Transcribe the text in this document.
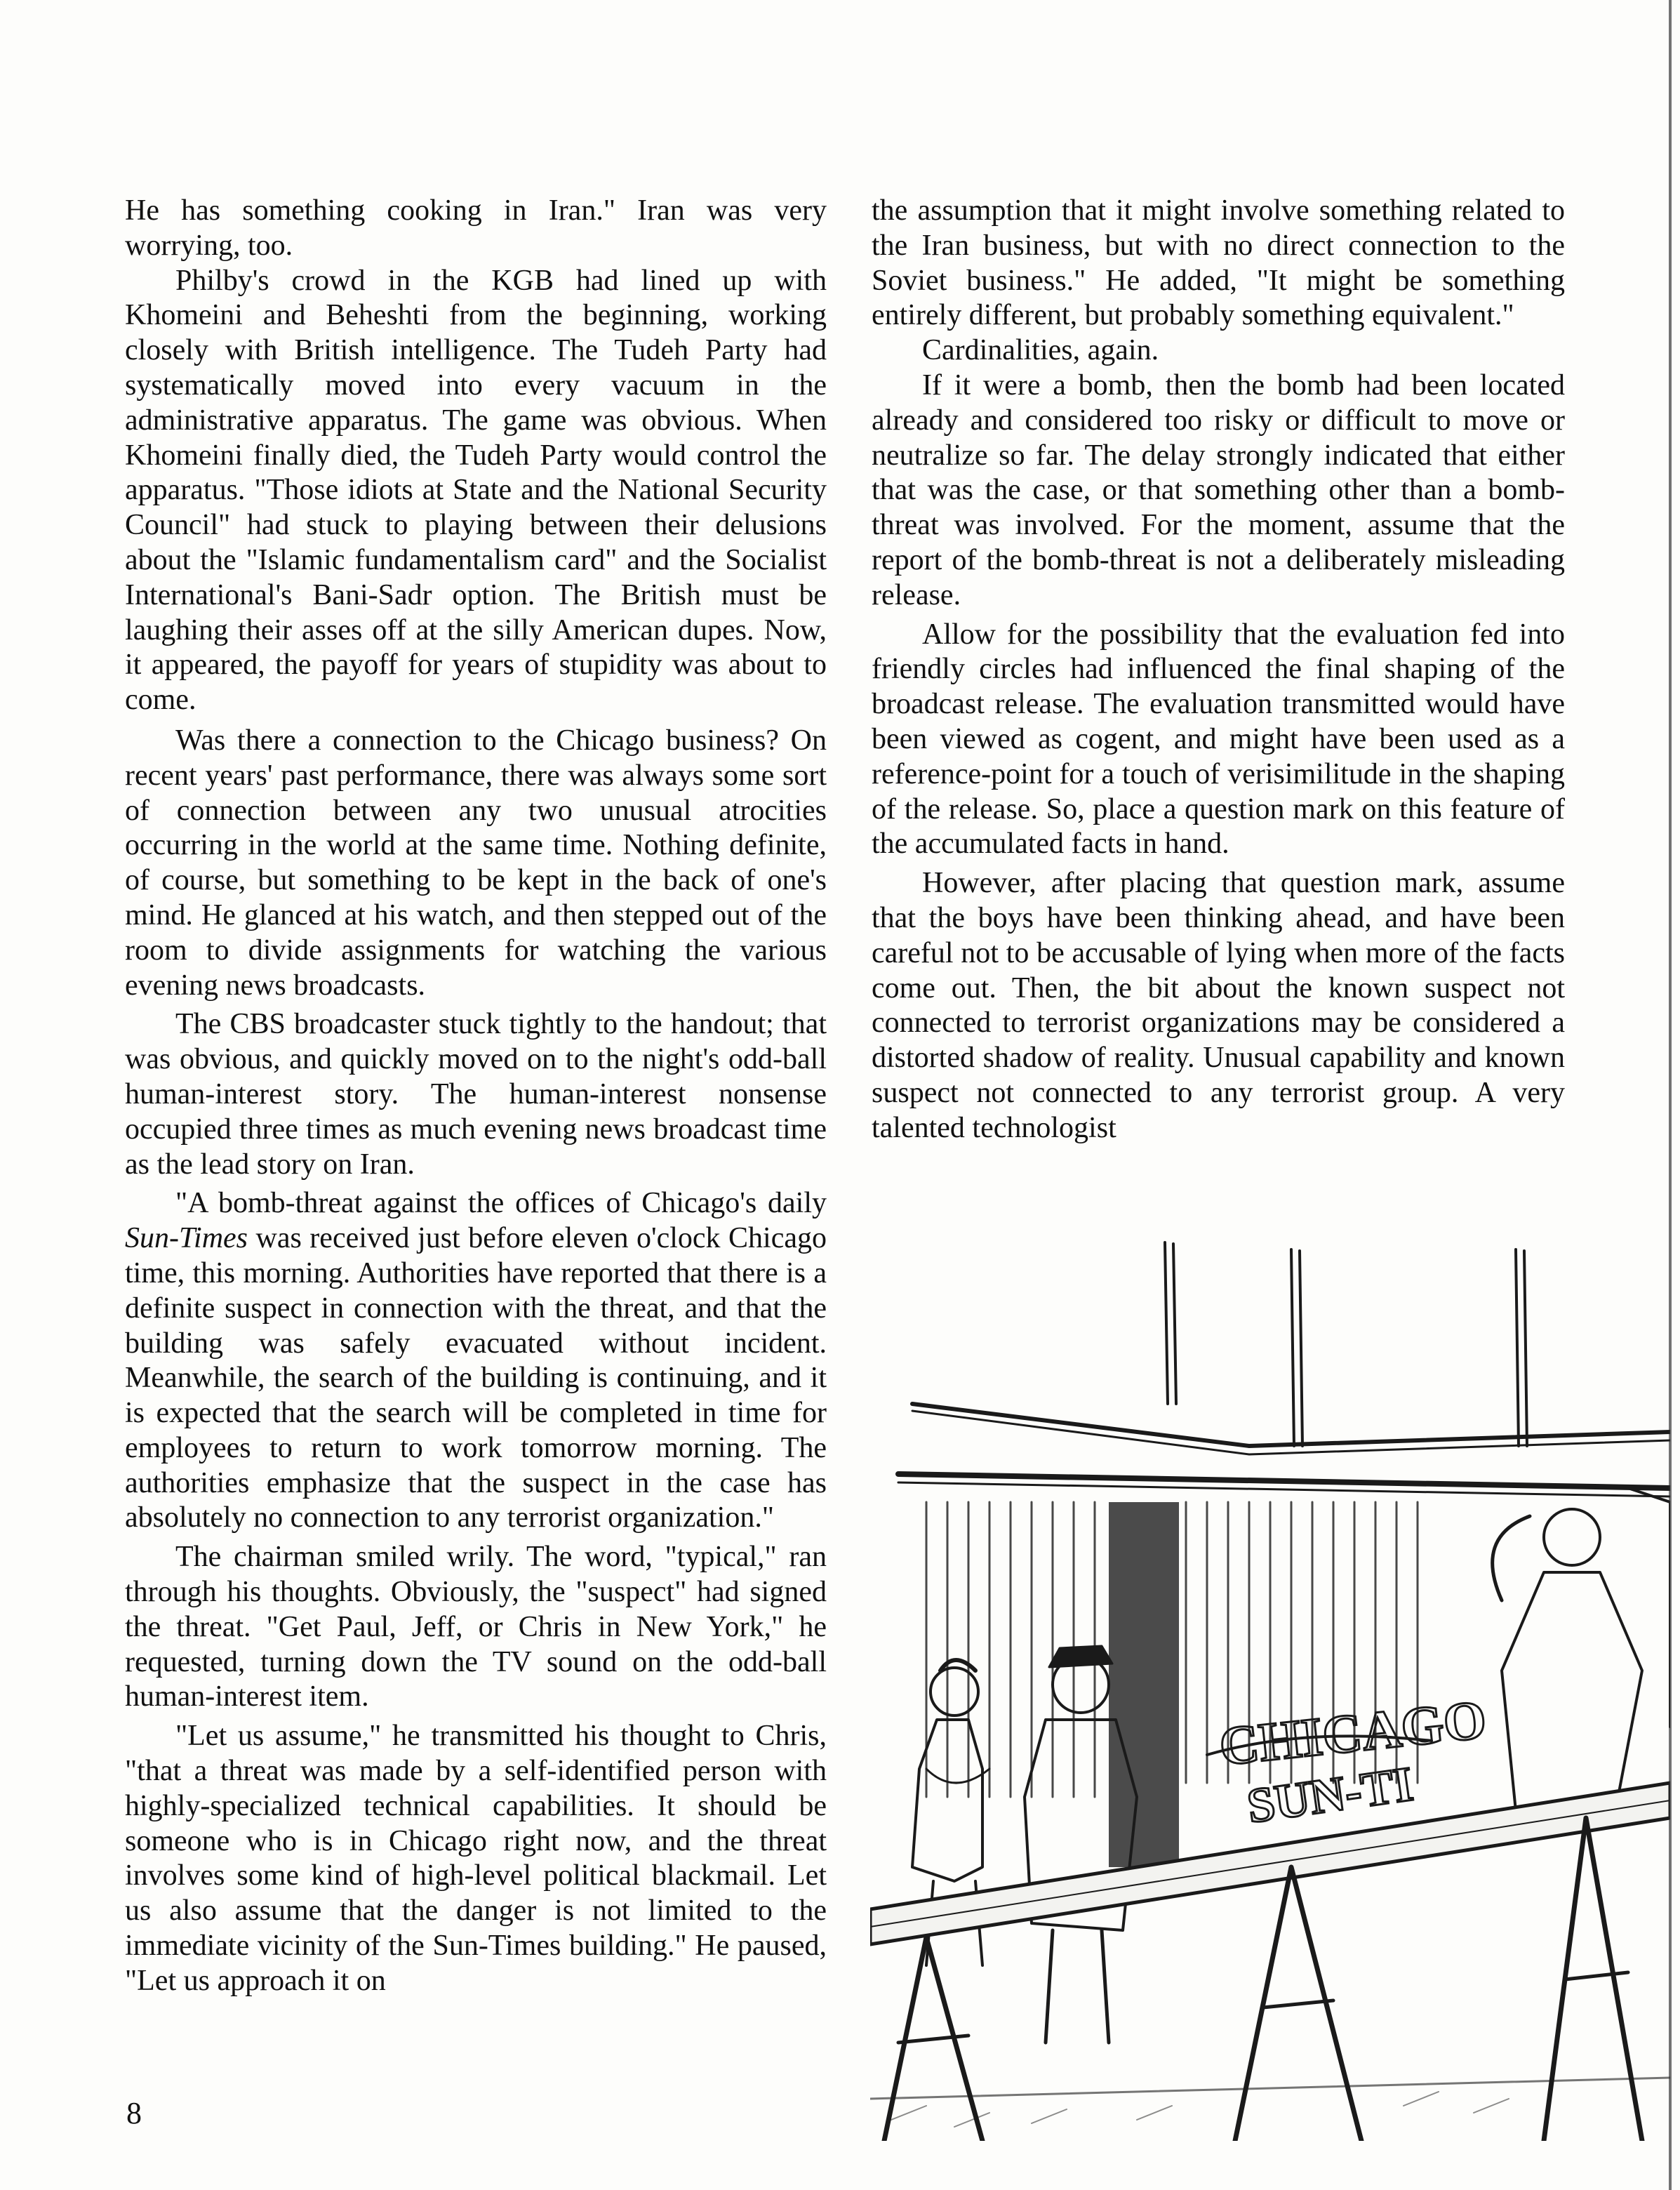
He has something cooking in Iran." Iran was very worrying, too.

Philby's crowd in the KGB had lined up with Khomeini and Beheshti from the beginning, working closely with British intelligence. The Tudeh Party had systematically moved into every vacuum in the administrative apparatus. The game was obvious. When Khomeini finally died, the Tudeh Party would control the apparatus. "Those idiots at State and the National Security Council" had stuck to playing between their delusions about the "Islamic fundamentalism card" and the Socialist International's Bani-Sadr option. The British must be laughing their asses off at the silly American dupes. Now, it appeared, the payoff for years of stupidity was about to come.

Was there a connection to the Chicago business? On recent years' past performance, there was always some sort of connection between any two unusual atrocities occurring in the world at the same time. Nothing definite, of course, but something to be kept in the back of one's mind. He glanced at his watch, and then stepped out of the room to divide assignments for watching the various evening news broadcasts.

The CBS broadcaster stuck tightly to the handout; that was obvious, and quickly moved on to the night's odd-ball human-interest story. The human-interest nonsense occupied three times as much evening news broadcast time as the lead story on Iran.

"A bomb-threat against the offices of Chicago's daily Sun-Times was received just before eleven o'clock Chicago time, this morning. Authorities have reported that there is a definite suspect in connection with the threat, and that the building was safely evacuated without incident. Meanwhile, the search of the building is continuing, and it is expected that the search will be completed in time for employees to return to work tomorrow morning. The authorities emphasize that the suspect in the case has absolutely no connection to any terrorist organization."

The chairman smiled wrily. The word, "typical," ran through his thoughts. Obviously, the "suspect" had signed the threat. "Get Paul, Jeff, or Chris in New York," he requested, turning down the TV sound on the odd-ball human-interest item.

"Let us assume," he transmitted his thought to Chris, "that a threat was made by a self-identified person with highly-specialized technical capabilities. It should be someone who is in Chicago right now, and the threat involves some kind of high-level political blackmail. Let us also assume that the danger is not limited to the immediate vicinity of the Sun-Times building." He paused, "Let us approach it on

the assumption that it might involve something related to the Iran business, but with no direct connection to the Soviet business." He added, "It might be something entirely different, but probably something equivalent."

Cardinalities, again.

If it were a bomb, then the bomb had been located already and considered too risky or difficult to move or neutralize so far. The delay strongly indicated that either that was the case, or that something other than a bomb-threat was involved. For the moment, assume that the report of the bomb-threat is not a deliberately misleading release.

Allow for the possibility that the evaluation fed into friendly circles had influenced the final shaping of the broadcast release. The evaluation transmitted would have been viewed as cogent, and might have been used as a reference-point for a touch of verisimilitude in the shaping of the release. So, place a question mark on this feature of the accumulated facts in hand.

However, after placing that question mark, assume that the boys have been thinking ahead, and have been careful not to be accusable of lying when more of the facts come out. Then, the bit about the known suspect not connected to terrorist organizations may be considered a distorted shadow of reality. Unusual capability and known suspect not connected to any terrorist group. A very talented technologist

CHICAGO
SUN-TI
8
